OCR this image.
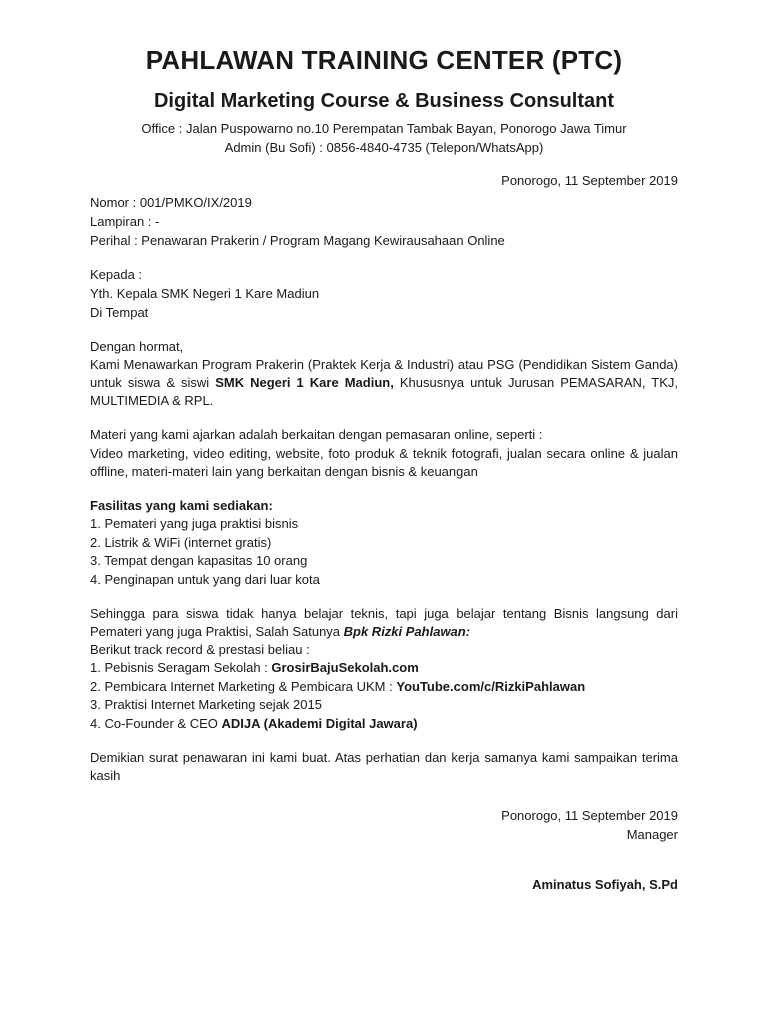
PAHLAWAN TRAINING CENTER (PTC)
Digital Marketing Course & Business Consultant

Office : Jalan Puspowarno no.10 Perempatan Tambak Bayan, Ponorogo Jawa Timur

Admin (Bu Sofi) : 0856-4840-4735 (Telepon/WhatsApp)

Ponorogo, 11 September 2019

Nomor : 001/PMKO/IX/2019

Lampiran : -

Perihal : Penawaran Prakerin / Program Magang Kewirausahaan Online

Kepada :

Yth. Kepala SMK Negeri 1 Kare Madiun

Di Tempat

Dengan hormat,

Kami Menawarkan Program Prakerin (Praktek Kerja & Industri) atau PSG (Pendidikan Sistem Ganda) untuk siswa & siswi SMK Negeri 1 Kare Madiun, Khususnya untuk Jurusan PEMASARAN, TKJ, MULTIMEDIA & RPL.

Materi yang kami ajarkan adalah berkaitan dengan pemasaran online, seperti :

Video marketing, video editing, website, foto produk & teknik fotografi, jualan secara online & jualan offline, materi-materi lain yang berkaitan dengan bisnis & keuangan

Fasilitas yang kami sediakan:

1. Pemateri yang juga praktisi bisnis

2. Listrik & WiFi (internet gratis)

3. Tempat dengan kapasitas 10 orang

4. Penginapan untuk yang dari luar kota

Sehingga para siswa tidak hanya belajar teknis, tapi juga belajar tentang Bisnis langsung dari Pemateri yang juga Praktisi, Salah Satunya Bpk Rizki Pahlawan:

Berikut track record & prestasi beliau :

1. Pebisnis Seragam Sekolah : GrosirBajuSekolah.com

2. Pembicara Internet Marketing & Pembicara UKM : YouTube.com/c/RizkiPahlawan

3. Praktisi Internet Marketing sejak 2015

4. Co-Founder & CEO ADIJA (Akademi Digital Jawara)

Demikian surat penawaran ini kami buat. Atas perhatian dan kerja samanya kami sampaikan terima kasih

Ponorogo, 11 September 2019

Manager

Aminatus Sofiyah, S.Pd
